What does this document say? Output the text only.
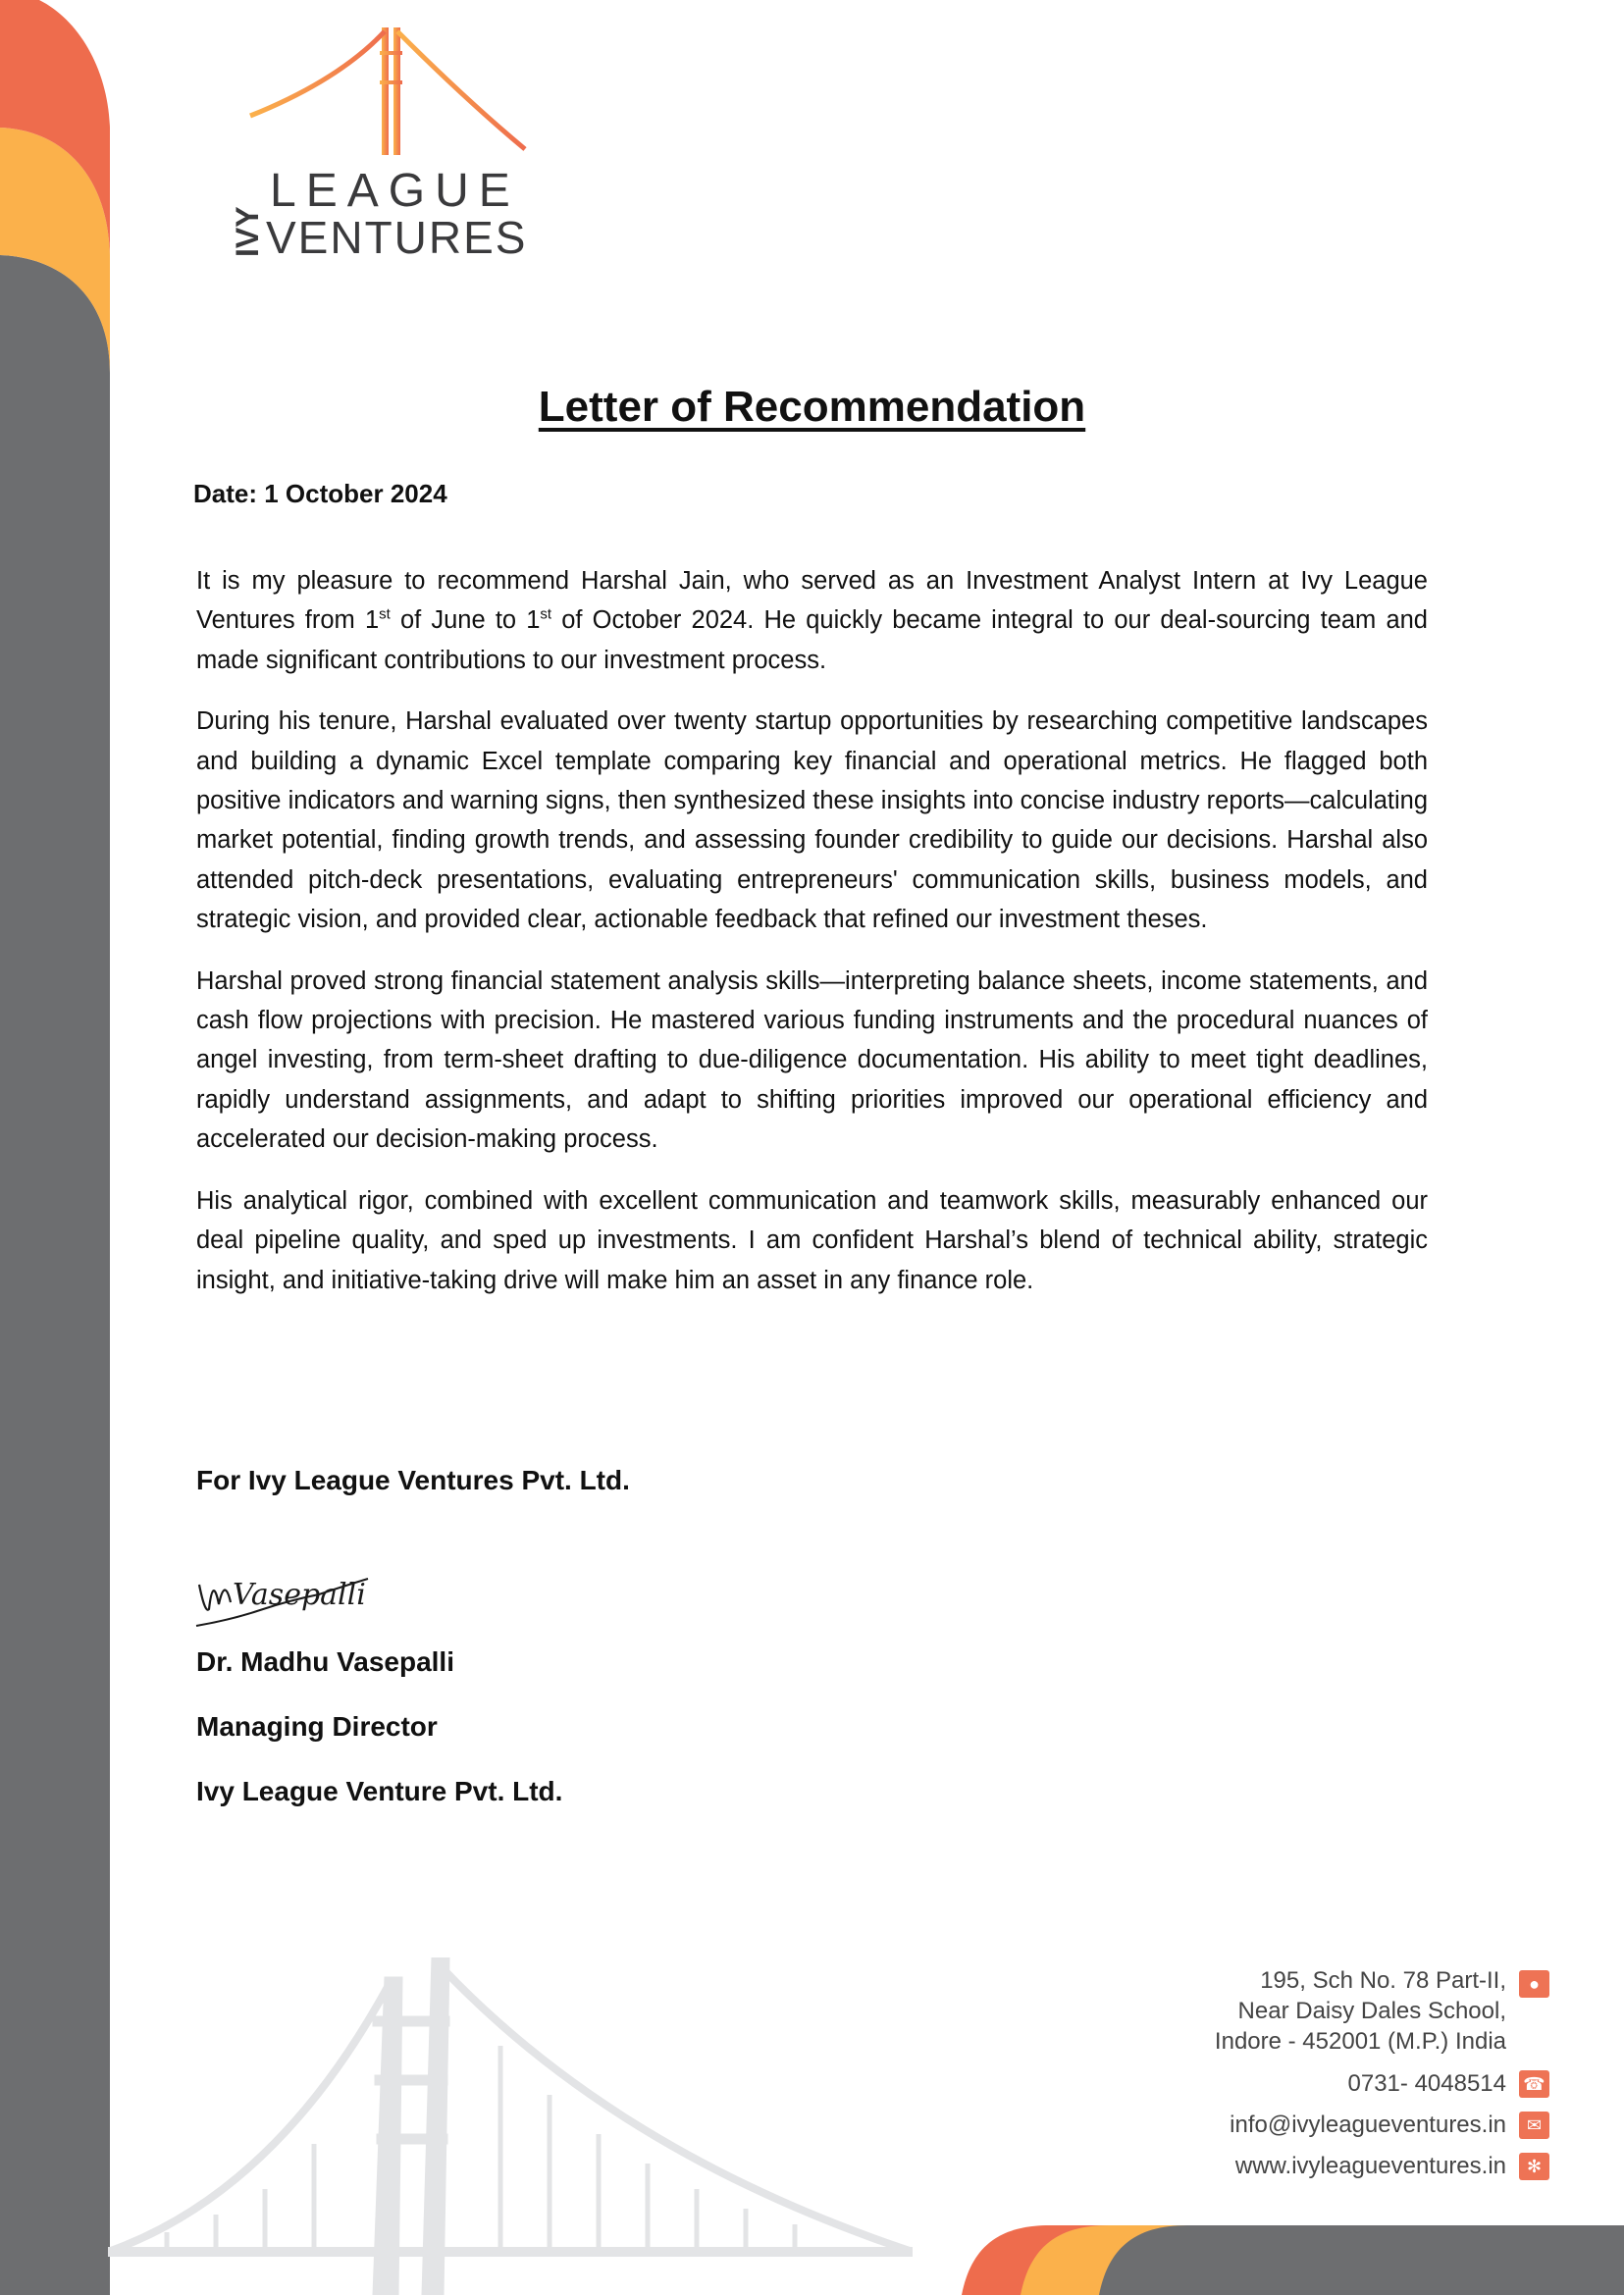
IVY
LEAGUE
VENTURES
Letter of Recommendation
Date: 1 October 2024

It is my pleasure to recommend Harshal Jain, who served as an Investment Analyst Intern at Ivy League Ventures from 1st of June to 1st of October 2024. He quickly became integral to our deal-sourcing team and made significant contributions to our investment process.

During his tenure, Harshal evaluated over twenty startup opportunities by researching competitive landscapes and building a dynamic Excel template comparing key financial and operational metrics. He flagged both positive indicators and warning signs, then synthesized these insights into concise industry reports—calculating market potential, finding growth trends, and assessing founder credibility to guide our decisions. Harshal also attended pitch-deck presentations, evaluating entrepreneurs' communication skills, business models, and strategic vision, and provided clear, actionable feedback that refined our investment theses.

Harshal proved strong financial statement analysis skills—interpreting balance sheets, income statements, and cash flow projections with precision. He mastered various funding instruments and the procedural nuances of angel investing, from term-sheet drafting to due-diligence documentation. His ability to meet tight deadlines, rapidly understand assignments, and adapt to shifting priorities improved our operational efficiency and accelerated our decision-making process.

His analytical rigor, combined with excellent communication and teamwork skills, measurably enhanced our deal pipeline quality, and sped up investments. I am confident Harshal’s blend of technical ability, strategic insight, and initiative-taking drive will make him an asset in any finance role.

For Ivy League Ventures Pvt. Ltd.
Vasepalli
Dr. Madhu Vasepalli
Managing Director
Ivy League Venture Pvt. Ltd.
195, Sch No. 78 Part-II,
Near Daisy Dales School,
Indore - 452001 (M.P.) India
●
0731- 4048514 ☎
info@ivyleagueventures.in	✉
www.ivyleagueventures.in	✻
